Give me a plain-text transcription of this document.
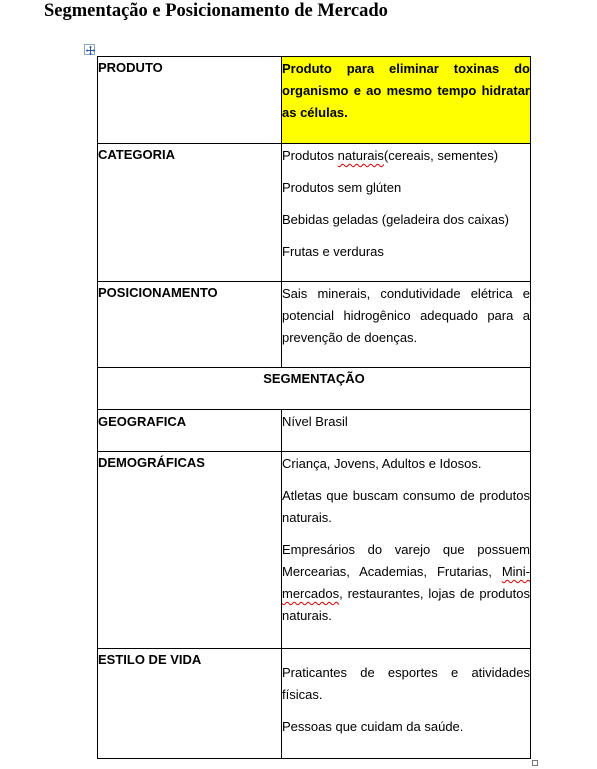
Segmentação e Posicionamento de Mercado
PRODUTO	Produto para eliminar toxinas do organismo e ao mesmo tempo hidratar as células.

CATEGORIA	Produtos naturais(cereais, sementes)

Produtos sem glúten

Bebidas geladas (geladeira dos caixas)

Frutas e verduras

POSICIONAMENTO	Sais minerais, condutividade elétrica e potencial hidrogênico adequado para a prevenção de doenças.

SEGMENTAÇÃO	
GEOGRAFICA	Nível Brasil

DEMOGRÁFICAS	Criança, Jovens, Adultos e Idosos.

Atletas que buscam consumo de produtos naturais.

Empresários do varejo que possuem Mercearias, Academias, Frutarias, Mini-mercados, restaurantes, lojas de produtos naturais.

ESTILO DE VIDA	Praticantes de esportes e atividades físicas.

Pessoas que cuidam da saúde.
